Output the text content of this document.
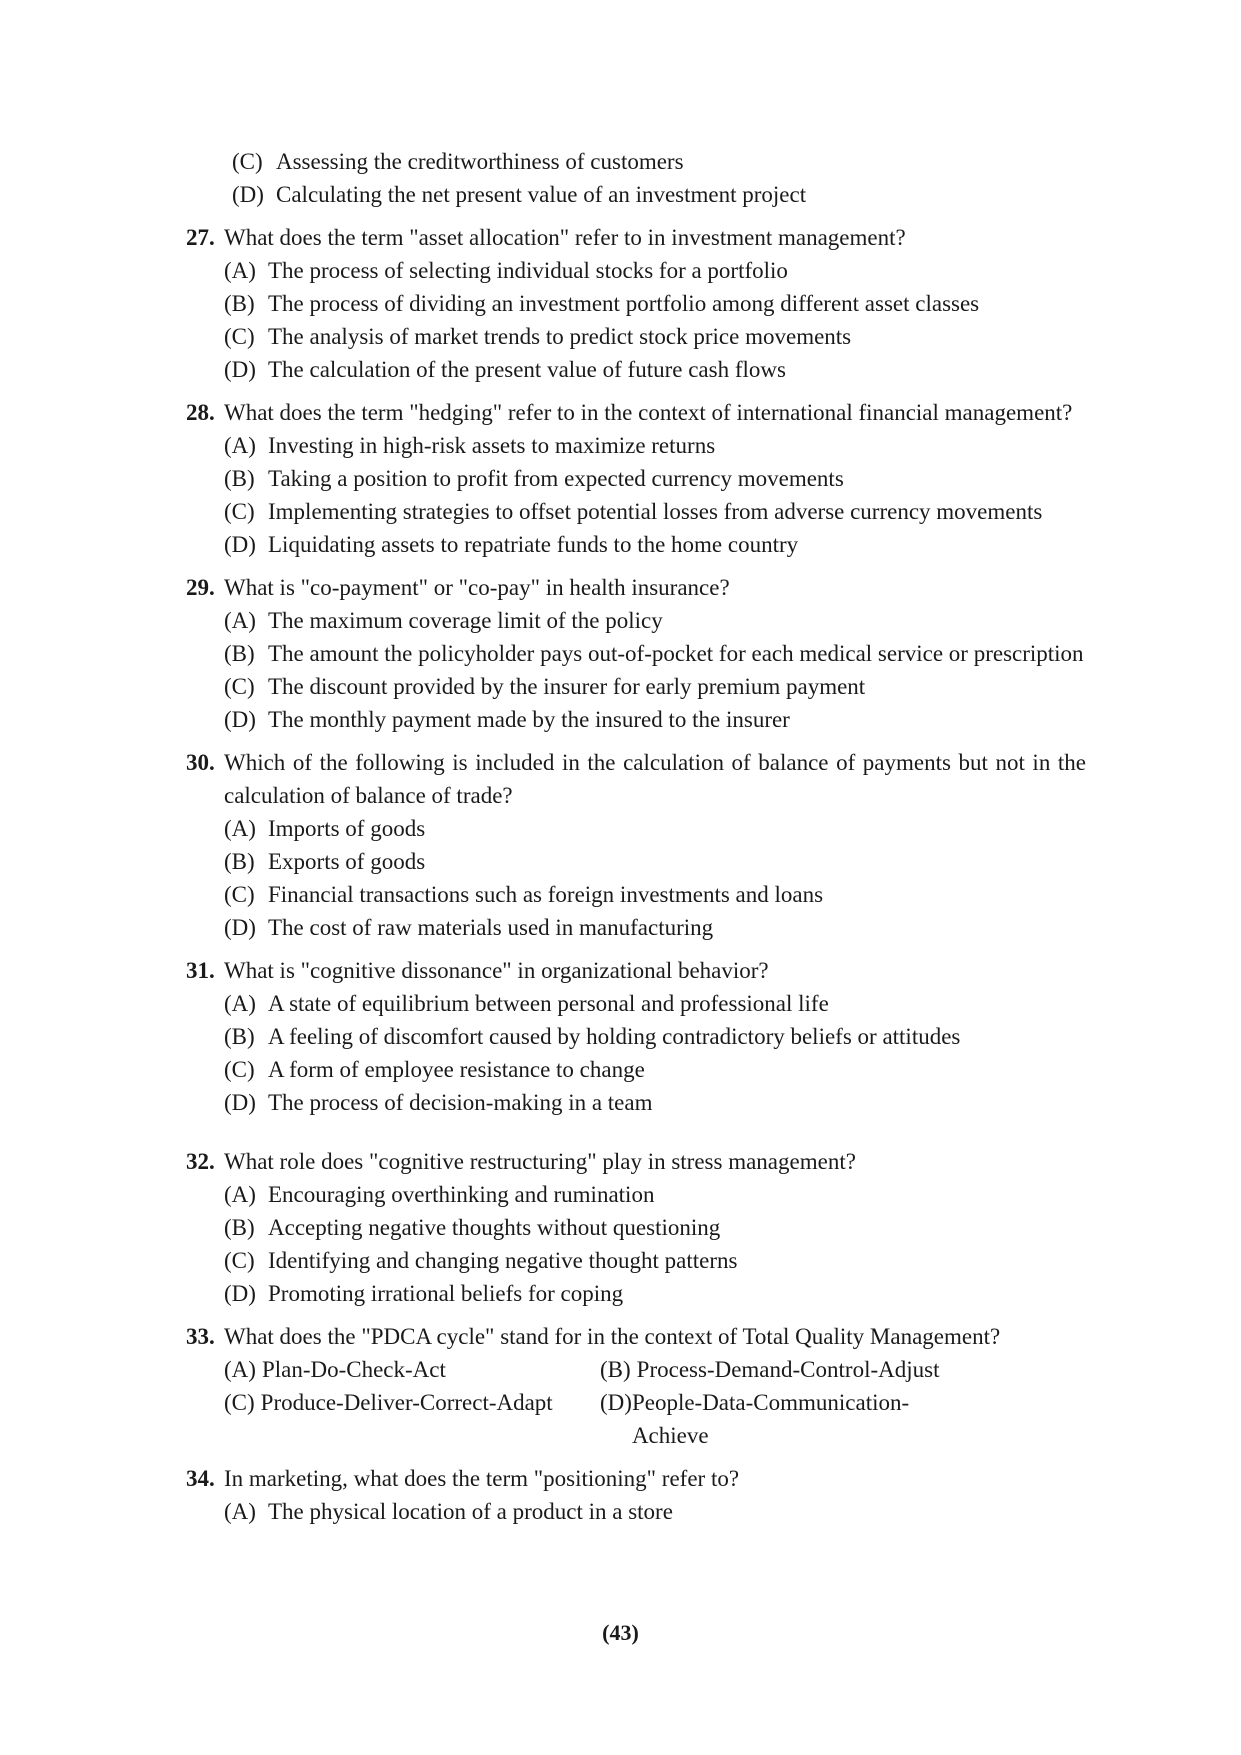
(C) Assessing the creditworthiness of customers
(D) Calculating the net present value of an investment project
27. What does the term "asset allocation" refer to in investment management?
(A) The process of selecting individual stocks for a portfolio
(B) The process of dividing an investment portfolio among different asset classes
(C) The analysis of market trends to predict stock price movements
(D) The calculation of the present value of future cash flows
28. What does the term "hedging" refer to in the context of international financial management?
(A) Investing in high-risk assets to maximize returns
(B) Taking a position to profit from expected currency movements
(C) Implementing strategies to offset potential losses from adverse currency movements
(D) Liquidating assets to repatriate funds to the home country
29. What is "co-payment" or "co-pay" in health insurance?
(A) The maximum coverage limit of the policy
(B) The amount the policyholder pays out-of-pocket for each medical service or prescription
(C) The discount provided by the insurer for early premium payment
(D) The monthly payment made by the insured to the insurer
30. Which of the following is included in the calculation of balance of payments but not in the calculation of balance of trade?
(A) Imports of goods
(B) Exports of goods
(C) Financial transactions such as foreign investments and loans
(D) The cost of raw materials used in manufacturing
31. What is "cognitive dissonance" in organizational behavior?
(A) A state of equilibrium between personal and professional life
(B) A feeling of discomfort caused by holding contradictory beliefs or attitudes
(C) A form of employee resistance to change
(D) The process of decision-making in a team
32. What role does "cognitive restructuring" play in stress management?
(A) Encouraging overthinking and rumination
(B) Accepting negative thoughts without questioning
(C) Identifying and changing negative thought patterns
(D) Promoting irrational beliefs for coping
33. What does the "PDCA cycle" stand for in the context of Total Quality Management?
(A) Plan-Do-Check-Act	(B) Process-Demand-Control-Adjust
(C) Produce-Deliver-Correct-Adapt (D) People-Data-Communication-Achieve
34. In marketing, what does the term "positioning" refer to?
(A) The physical location of a product in a store
(43)
